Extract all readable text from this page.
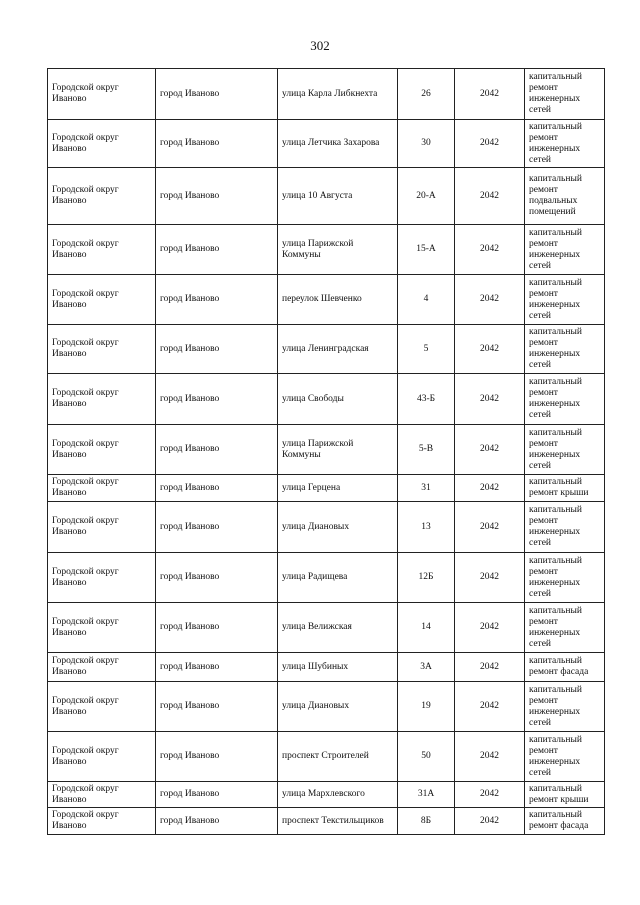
302
Городской округ Иваново	город Иваново	улица Карла Либкнехта	26	2042	капитальный ремонт инженерных сетей
Городской округ Иваново	город Иваново	улица Летчика Захарова	30	2042	капитальный ремонт инженерных сетей
Городской округ Иваново	город Иваново	улица 10 Августа	20-А	2042	капитальный ремонт подвальных помещений
Городской округ Иваново	город Иваново	улица Парижской Коммуны	15-А	2042	капитальный ремонт инженерных сетей
Городской округ Иваново	город Иваново	переулок Шевченко	4	2042	капитальный ремонт инженерных сетей
Городской округ Иваново	город Иваново	улица Ленинградская	5	2042	капитальный ремонт инженерных сетей
Городской округ Иваново	город Иваново	улица Свободы	43-Б	2042	капитальный ремонт инженерных сетей
Городской округ Иваново	город Иваново	улица Парижской Коммуны	5-В	2042	капитальный ремонт инженерных сетей
Городской округ Иваново	город Иваново	улица Герцена	31	2042	капитальный ремонт крыши
Городской округ Иваново	город Иваново	улица Диановых	13	2042	капитальный ремонт инженерных сетей
Городской округ Иваново	город Иваново	улица Радищева	12Б	2042	капитальный ремонт инженерных сетей
Городской округ Иваново	город Иваново	улица Велижская	14	2042	капитальный ремонт инженерных сетей
Городской округ Иваново	город Иваново	улица Шубиных	3А	2042	капитальный ремонт фасада
Городской округ Иваново	город Иваново	улица Диановых	19	2042	капитальный ремонт инженерных сетей
Городской округ Иваново	город Иваново	проспект Строителей	50	2042	капитальный ремонт инженерных сетей
Городской округ Иваново	город Иваново	улица Мархлевского	31А	2042	капитальный ремонт крыши
Городской округ Иваново	город Иваново	проспект Текстильщиков	8Б	2042	капитальный ремонт фасада
